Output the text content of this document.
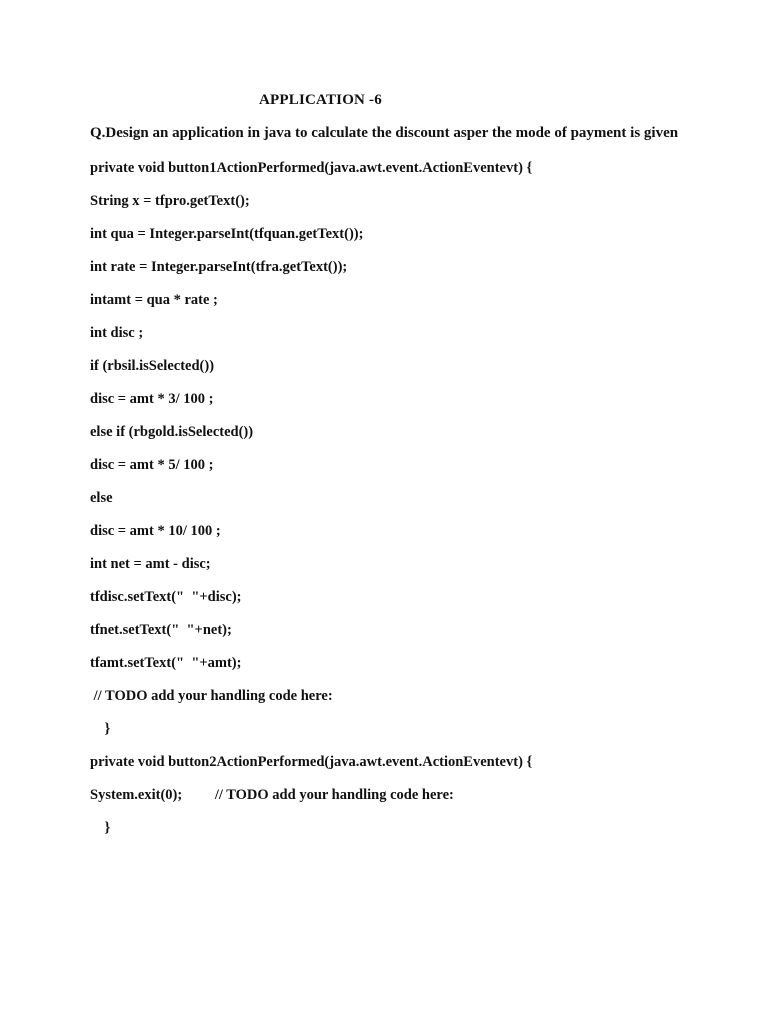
APPLICATION -6
Q.Design an application in java to calculate the discount asper the mode of payment is given
private void button1ActionPerformed(java.awt.event.ActionEventevt) {
String x = tfpro.getText();
int qua = Integer.parseInt(tfquan.getText());
int rate = Integer.parseInt(tfra.getText());
intamt = qua * rate ;
int disc ;
if (rbsil.isSelected())
disc = amt * 3/ 100 ;
else if (rbgold.isSelected())
disc = amt * 5/ 100 ;
else
disc = amt * 10/ 100 ;
int net = amt - disc;
tfdisc.setText("  "+disc);
tfnet.setText("  "+net);
tfamt.setText("  "+amt);
// TODO add your handling code here:
}
private void button2ActionPerformed(java.awt.event.ActionEventevt) {
System.exit(0);         // TODO add your handling code here:
}
